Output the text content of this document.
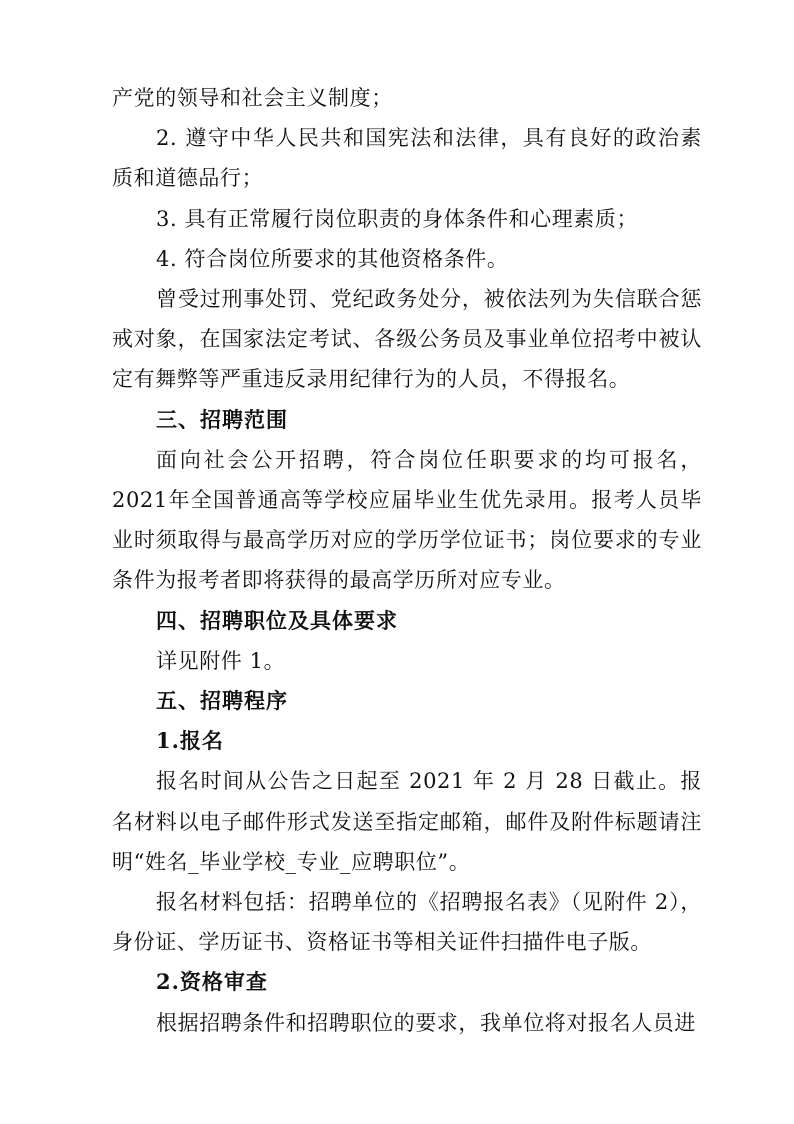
产党的领导和社会主义制度；

2. 遵守中华人民共和国宪法和法律，具有良好的政治素质和道德品行；

3. 具有正常履行岗位职责的身体条件和心理素质；

4. 符合岗位所要求的其他资格条件。

曾受过刑事处罚、党纪政务处分，被依法列为失信联合惩戒对象，在国家法定考试、各级公务员及事业单位招考中被认定有舞弊等严重违反录用纪律行为的人员，不得报名。

三、招聘范围

面向社会公开招聘，符合岗位任职要求的均可报名，2021年全国普通高等学校应届毕业生优先录用。报考人员毕业时须取得与最高学历对应的学历学位证书；岗位要求的专业条件为报考者即将获得的最高学历所对应专业。

四、招聘职位及具体要求

详见附件 1。

五、招聘程序

1.报名

报名时间从公告之日起至 2021 年 2 月 28 日截止。报名材料以电子邮件形式发送至指定邮箱，邮件及附件标题请注明“姓名_毕业学校_专业_应聘职位”。

报名材料包括：招聘单位的《招聘报名表》（见附件 2），身份证、学历证书、资格证书等相关证件扫描件电子版。

2.资格审查

根据招聘条件和招聘职位的要求，我单位将对报名人员进
